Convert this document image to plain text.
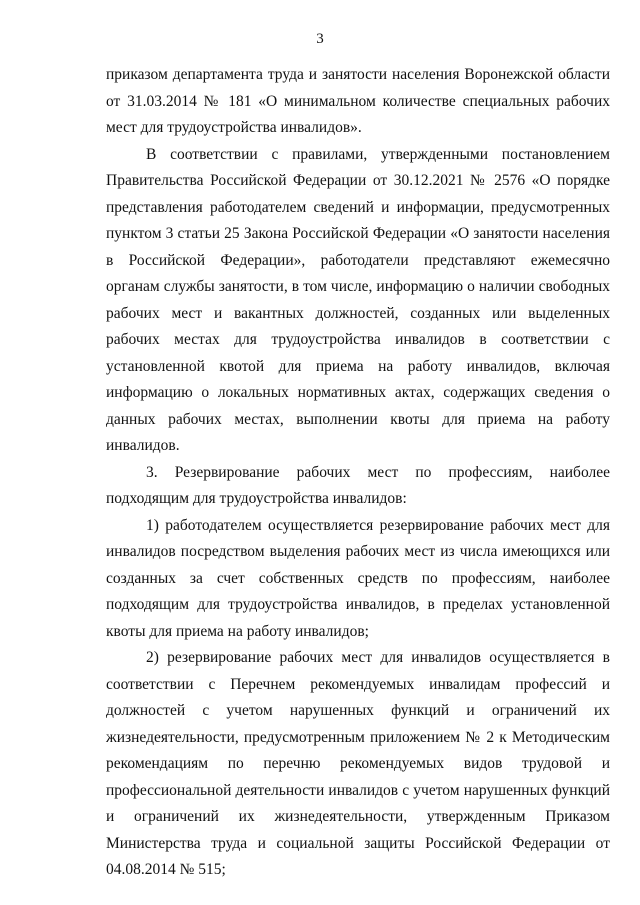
3

приказом департамента труда и занятости населения Воронежской области от 31.03.2014 № 181 «О минимальном количестве специальных рабочих мест для трудоустройства инвалидов».

В соответствии с правилами, утвержденными постановлением Правительства Российской Федерации от 30.12.2021 № 2576 «О порядке представления работодателем сведений и информации, предусмотренных пунктом 3 статьи 25 Закона Российской Федерации «О занятости населения в Российской Федерации», работодатели представляют ежемесячно органам службы занятости, в том числе, информацию о наличии свободных рабочих мест и вакантных должностей, созданных или выделенных рабочих местах для трудоустройства инвалидов в соответствии с установленной квотой для приема на работу инвалидов, включая информацию о локальных нормативных актах, содержащих сведения о данных рабочих местах, выполнении квоты для приема на работу инвалидов.

3. Резервирование рабочих мест по профессиям, наиболее подходящим для трудоустройства инвалидов:

1) работодателем осуществляется резервирование рабочих мест для инвалидов посредством выделения рабочих мест из числа имеющихся или созданных за счет собственных средств по профессиям, наиболее подходящим для трудоустройства инвалидов, в пределах установленной квоты для приема на работу инвалидов;

2) резервирование рабочих мест для инвалидов осуществляется в соответствии с Перечнем рекомендуемых инвалидам профессий и должностей с учетом нарушенных функций и ограничений их жизнедеятельности, предусмотренным приложением № 2 к Методическим рекомендациям по перечню рекомендуемых видов трудовой и профессиональной деятельности инвалидов с учетом нарушенных функций и ограничений их жизнедеятельности, утвержденным Приказом Министерства труда и социальной защиты Российской Федерации от 04.08.2014 № 515;
